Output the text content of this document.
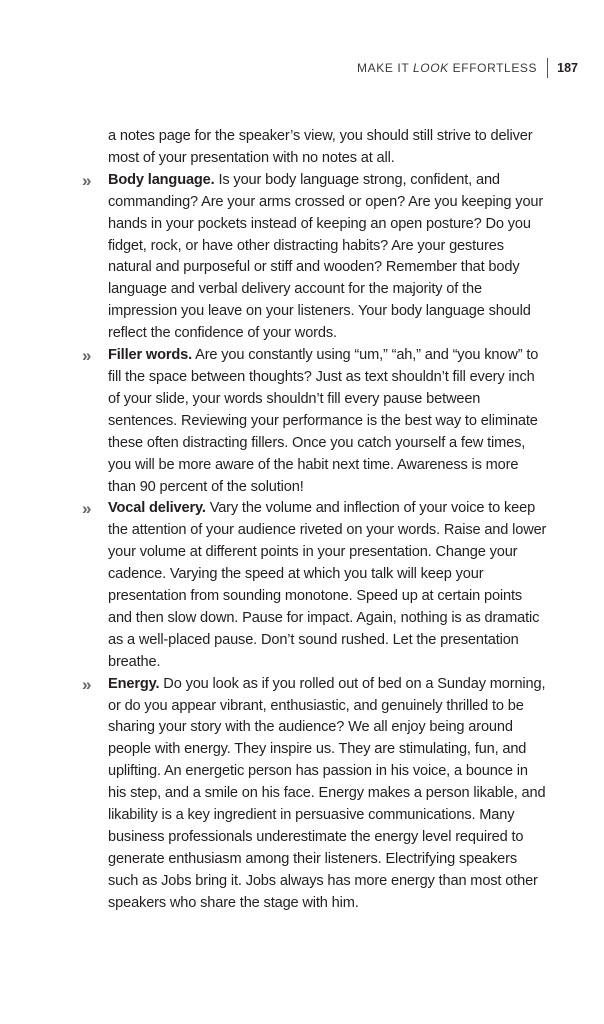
MAKE IT LOOK EFFORTLESS 187

a notes page for the speaker’s view, you should still strive to deliver most of your presentation with no notes at all.

» Body language. Is your body language strong, confident, and commanding? Are your arms crossed or open? Are you keeping your hands in your pockets instead of keeping an open posture? Do you fidget, rock, or have other distracting habits? Are your gestures natural and purposeful or stiff and wooden? Remember that body language and verbal delivery account for the majority of the impression you leave on your listeners. Your body language should reflect the confidence of your words.

» Filler words. Are you constantly using “um,” “ah,” and “you know” to fill the space between thoughts? Just as text shouldn’t fill every inch of your slide, your words shouldn’t fill every pause between sentences. Reviewing your performance is the best way to eliminate these often distracting fillers. Once you catch yourself a few times, you will be more aware of the habit next time. Awareness is more than 90 percent of the solution!

» Vocal delivery. Vary the volume and inflection of your voice to keep the attention of your audience riveted on your words. Raise and lower your volume at different points in your presentation. Change your cadence. Varying the speed at which you talk will keep your presentation from sounding monotone. Speed up at certain points and then slow down. Pause for impact. Again, nothing is as dramatic as a well-placed pause. Don’t sound rushed. Let the presentation breathe.

» Energy. Do you look as if you rolled out of bed on a Sunday morning, or do you appear vibrant, enthusiastic, and genuinely thrilled to be sharing your story with the audience? We all enjoy being around people with energy. They inspire us. They are stimulating, fun, and uplifting. An energetic person has passion in his voice, a bounce in his step, and a smile on his face. Energy makes a person likable, and likability is a key ingredient in persuasive communications. Many business professionals underestimate the energy level required to generate enthusiasm among their listeners. Electrifying speakers such as Jobs bring it. Jobs always has more energy than most other speakers who share the stage with him.
